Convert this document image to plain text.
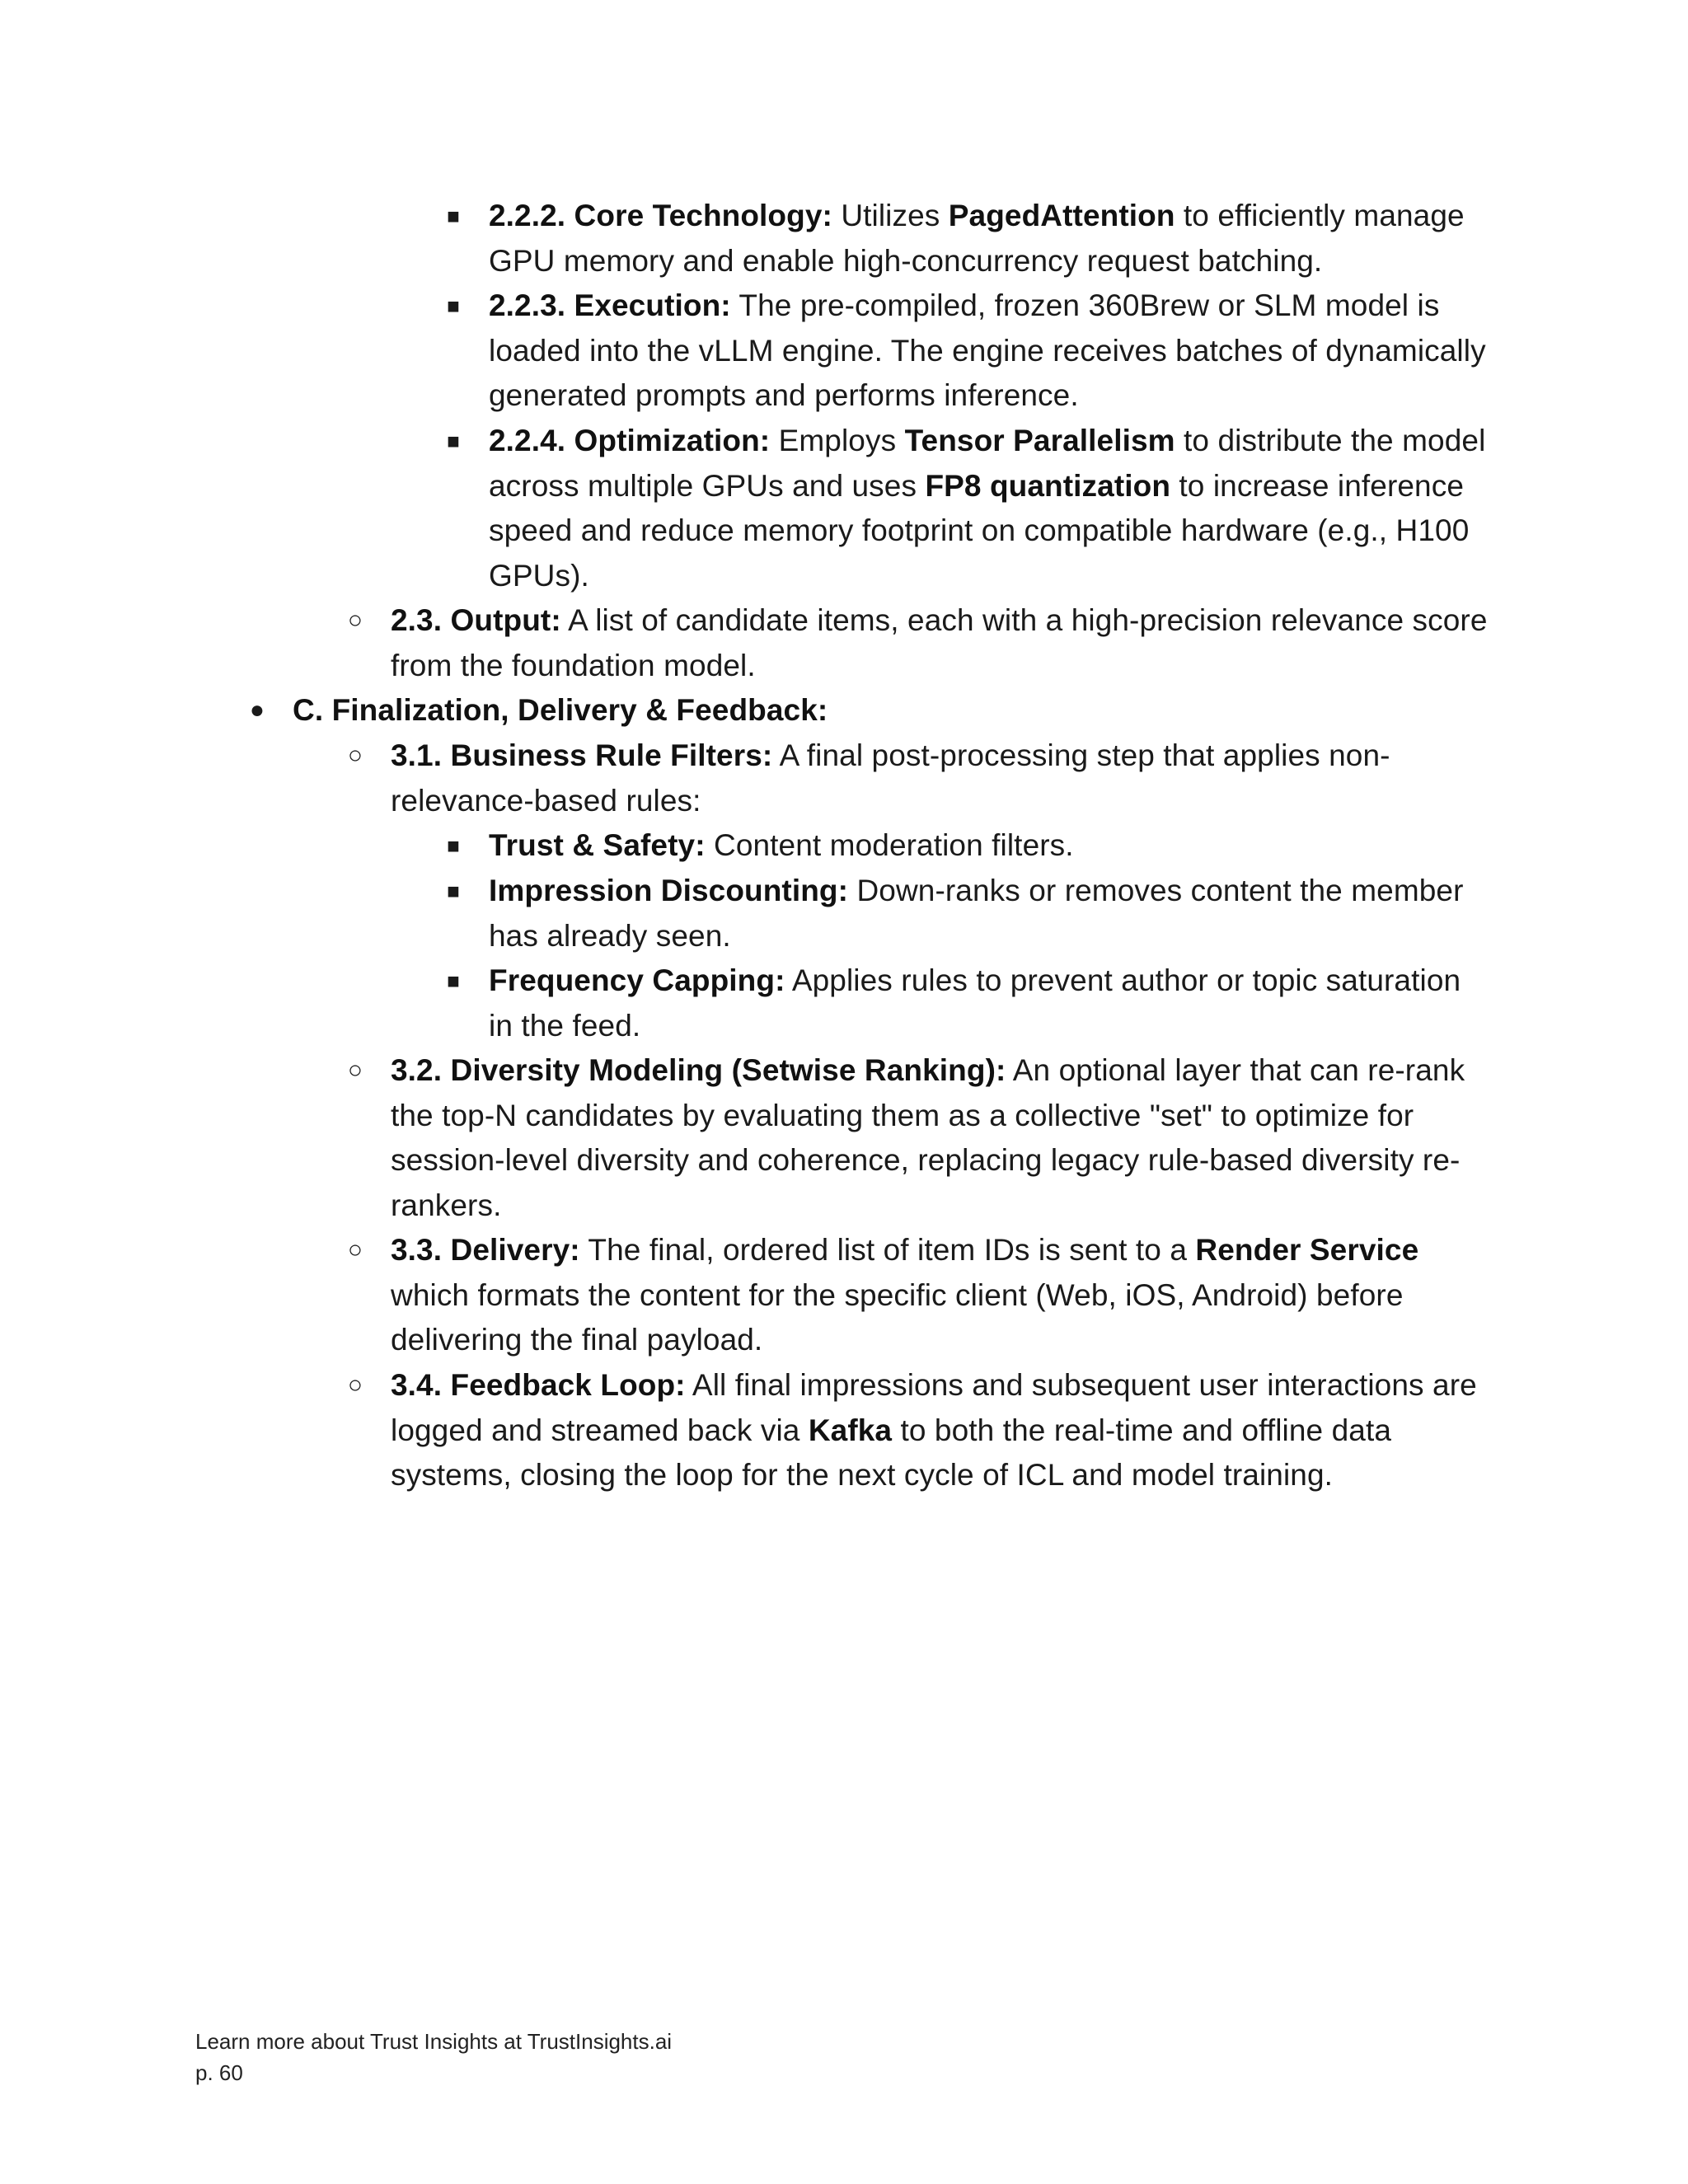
■ 2.2.2. Core Technology: Utilizes PagedAttention to efficiently manage GPU memory and enable high-concurrency request batching.
■ 2.2.3. Execution: The pre-compiled, frozen 360Brew or SLM model is loaded into the vLLM engine. The engine receives batches of dynamically generated prompts and performs inference.
■ 2.2.4. Optimization: Employs Tensor Parallelism to distribute the model across multiple GPUs and uses FP8 quantization to increase inference speed and reduce memory footprint on compatible hardware (e.g., H100 GPUs).
○ 2.3. Output: A list of candidate items, each with a high-precision relevance score from the foundation model.
● C. Finalization, Delivery & Feedback:
○ 3.1. Business Rule Filters: A final post-processing step that applies non-relevance-based rules:
■ Trust & Safety: Content moderation filters.
■ Impression Discounting: Down-ranks or removes content the member has already seen.
■ Frequency Capping: Applies rules to prevent author or topic saturation in the feed.
○ 3.2. Diversity Modeling (Setwise Ranking): An optional layer that can re-rank the top-N candidates by evaluating them as a collective "set" to optimize for session-level diversity and coherence, replacing legacy rule-based diversity re-rankers.
○ 3.3. Delivery: The final, ordered list of item IDs is sent to a Render Service which formats the content for the specific client (Web, iOS, Android) before delivering the final payload.
○ 3.4. Feedback Loop: All final impressions and subsequent user interactions are logged and streamed back via Kafka to both the real-time and offline data systems, closing the loop for the next cycle of ICL and model training.
Learn more about Trust Insights at TrustInsights.ai
p. 60
